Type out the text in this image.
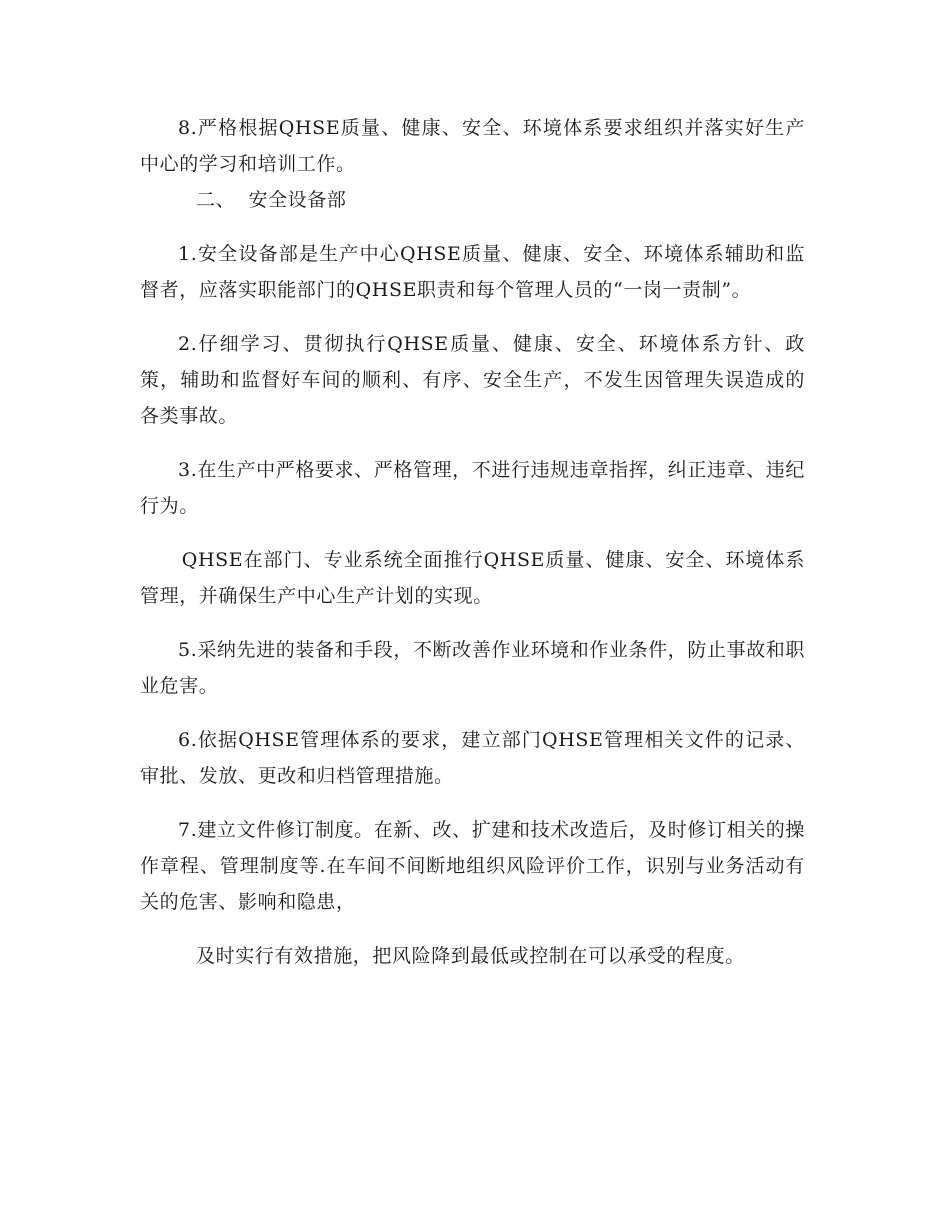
8.严格根据QHSE质量、健康、安全、环境体系要求组织并落实好生产中心的学习和培训工作。

二、  安全设备部

1.安全设备部是生产中心QHSE质量、健康、安全、环境体系辅助和监督者，应落实职能部门的QHSE职责和每个管理人员的“一岗一责制”。

2.仔细学习、贯彻执行QHSE质量、健康、安全、环境体系方针、政策，辅助和监督好车间的顺利、有序、安全生产，不发生因管理失误造成的各类事故。

3.在生产中严格要求、严格管理，不进行违规违章指挥，纠正违章、违纪行为。

QHSE在部门、专业系统全面推行QHSE质量、健康、安全、环境体系管理，并确保生产中心生产计划的实现。

5.采纳先进的装备和手段，不断改善作业环境和作业条件，防止事故和职业危害。

6.依据QHSE管理体系的要求，建立部门QHSE管理相关文件的记录、审批、发放、更改和归档管理措施。

7.建立文件修订制度。在新、改、扩建和技术改造后，及时修订相关的操作章程、管理制度等.在车间不间断地组织风险评价工作，识别与业务活动有关的危害、影响和隐患，

及时实行有效措施，把风险降到最低或控制在可以承受的程度。
